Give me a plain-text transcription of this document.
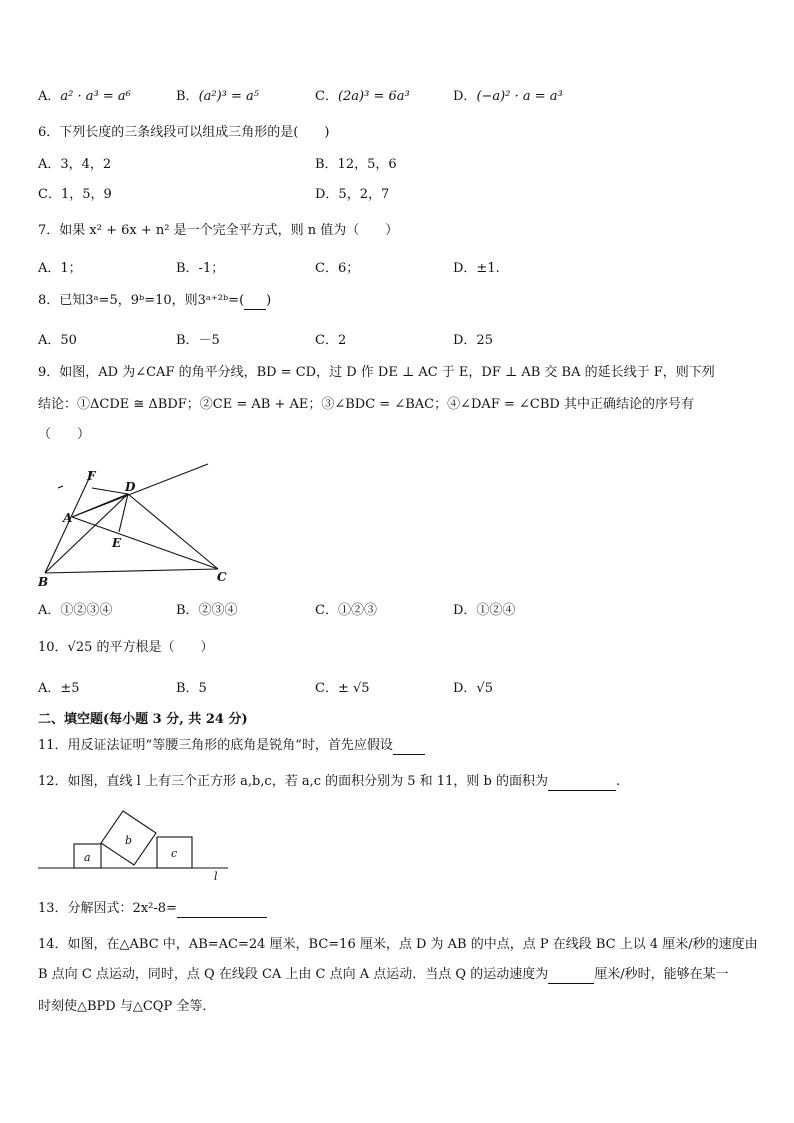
A．a² · a³ = a⁶	B．(a²)³ = a⁵	C．(2a)³ = 6a³	D．(−a)² · a = a³
6．下列长度的三条线段可以组成三角形的是(　　)
A．3，4，2	B．12，5，6
C．1，5，9	D．5，2，7
7．如果 x² + 6x + n² 是一个完全平方式，则 n 值为（　　）
A．1；	B．-1；	C．6；	D．±1.
8．已知3ᵃ=5，9ᵇ=10，则3ᵃ⁺²ᵇ=( )
A．50	B．－5	C．2	D．25
9．如图，AD 为∠CAF 的角平分线，BD = CD，过 D 作 DE ⊥ AC 于 E，DF ⊥ AB 交 BA 的延长线于 F，则下列
结论：①ΔCDE ≅ ΔBDF；②CE = AB + AE；③∠BDC = ∠BAC；④∠DAF = ∠CBD 其中正确结论的序号有
（　　）
F
D
A
E
B	C
A．①②③④	B．②③④	C．①②③	D．①②④
10．√25 的平方根是（　　）
A．±5	B．5	C．± √5	D．√5
二、填空题(每小题 3 分, 共 24 分)
11．用反证法证明“等腰三角形的底角是锐角”时，首先应假设
12．如图，直线 l 上有三个正方形 a,b,c，若 a,c 的面积分别为 5 和 11，则 b 的面积为	.
a
b
c
l
13．分解因式：2x²-8=
14．如图，在△ABC 中，AB=AC=24 厘米，BC=16 厘米，点 D 为 AB 的中点，点 P 在线段 BC 上以 4 厘米/秒的速度由
B 点向 C 点运动，同时，点 Q 在线段 CA 上由 C 点向 A 点运动．当点 Q 的运动速度为	厘米/秒时，能够在某一
时刻使△BPD 与△CQP 全等．
